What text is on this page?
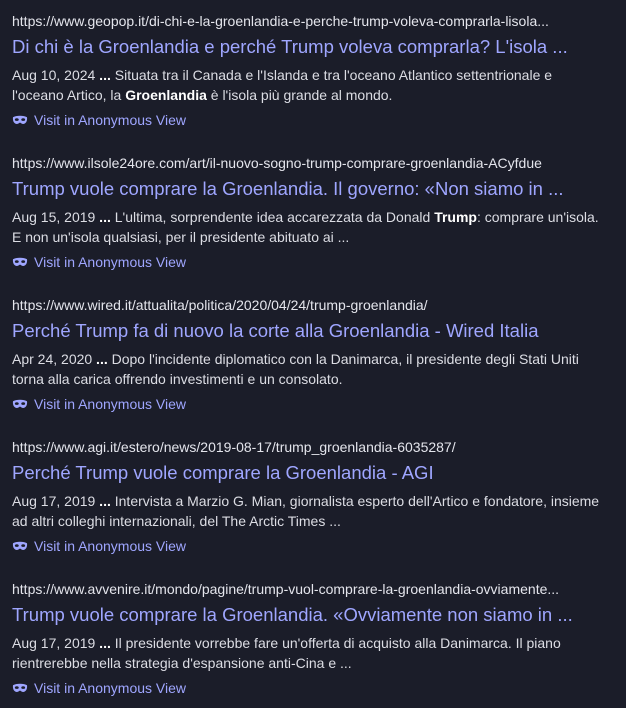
https://www.geopop.it/di-chi-e-la-groenlandia-e-perche-trump-voleva-comprarla-lisola...
Di chi è la Groenlandia e perché Trump voleva comprarla? L'isola ...
Aug 10, 2024 ... Situata tra il Canada e l'Islanda e tra l'oceano Atlantico settentrionale e l'oceano Artico, la Groenlandia è l'isola più grande al mondo.
Visit in Anonymous View
https://www.ilsole24ore.com/art/il-nuovo-sogno-trump-comprare-groenlandia-ACyfdue
Trump vuole comprare la Groenlandia. Il governo: «Non siamo in ...
Aug 15, 2019 ... L'ultima, sorprendente idea accarezzata da Donald Trump: comprare un'isola. E non un'isola qualsiasi, per il presidente abituato ai ...
Visit in Anonymous View
https://www.wired.it/attualita/politica/2020/04/24/trump-groenlandia/
Perché Trump fa di nuovo la corte alla Groenlandia - Wired Italia
Apr 24, 2020 ... Dopo l'incidente diplomatico con la Danimarca, il presidente degli Stati Uniti torna alla carica offrendo investimenti e un consolato.
Visit in Anonymous View
https://www.agi.it/estero/news/2019-08-17/trump_groenlandia-6035287/
Perché Trump vuole comprare la Groenlandia - AGI
Aug 17, 2019 ... Intervista a Marzio G. Mian, giornalista esperto dell'Artico e fondatore, insieme ad altri colleghi internazionali, del The Arctic Times ...
Visit in Anonymous View
https://www.avvenire.it/mondo/pagine/trump-vuol-comprare-la-groenlandia-ovviamente...
Trump vuole comprare la Groenlandia. «Ovviamente non siamo in ...
Aug 17, 2019 ... Il presidente vorrebbe fare un'offerta di acquisto alla Danimarca. Il piano rientrerebbe nella strategia d'espansione anti-Cina e ...
Visit in Anonymous View
